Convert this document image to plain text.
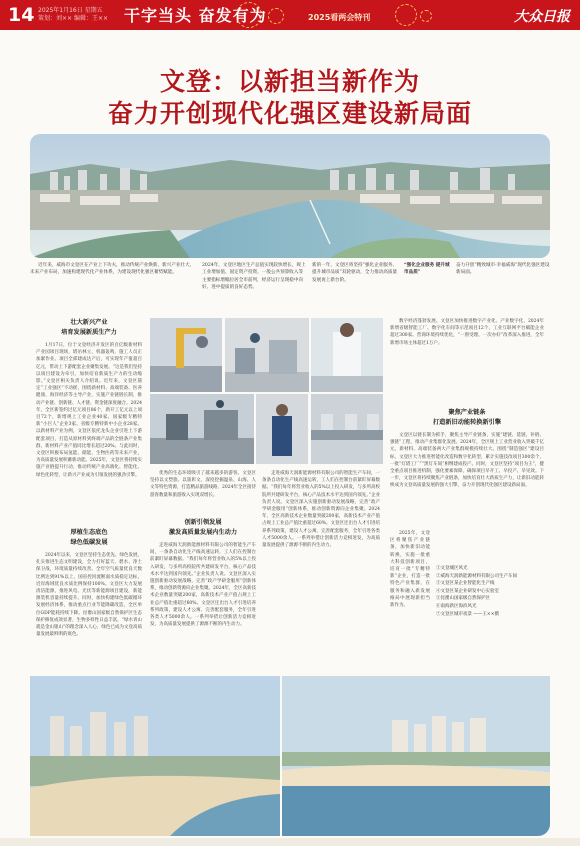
14 2025年1月16日 星期五
策划：刘×× 编辑：王×× 干字当头 奋发有为	2025看两会特刊	大众日报
文登：以新担当新作为
奋力开创现代化强区建设新局面
近年来，威海市文登区在产业上下功夫，推动传统产业焕新、新兴产业壮大、未来产业布局，加速构建现代化产业体系，为建设现代化强区蓄势赋能。
2024年，文登区地区生产总值实现较快增长，规上工业增加值、固定资产投资、一般公共预算收入等主要指标增幅位居全市前列，经济运行呈现稳中向好、进中提质的良好态势。
新的一年，文登区将坚持“强化企业服务、提升城市品质”双轮驱动，全力推动高质量发展再上新台阶。
“强化企业服务 提升城市品质”
奋力开创“精致城市·幸福威海”现代化强区建设新局面。
壮大新兴产业
培育发展新质生产力
1月17日，位于文登经济开发区的百亿级新材料产业园项目现场，塔吊林立，机器轰鸣，施工人员正加紧作业。项目全部建成达产后，可实现年产值超百亿元，带动上下游配套企业聚集发展。“这是我们坚持以项目建设为牵引，加快培育新质生产力的生动缩影。”文登区相关负责人介绍说。近年来，文登区锚定“工业强区”不动摇，围绕新材料、高端装备、医养健康、海洋经济等主导产业，实施产业链链长制，推动产业链、创新链、人才链、资金链深度融合。2024年，全区新签约过亿元项目86个，新开工亿元以上项目72个，新增规上工业企业40家、国家级专精特新“小巨人”企业3家、省级专精特新中小企业28家。以新材料产业为例，文登区依托龙头企业引进上下游配套项目，打造从原材料到终端产品的全链条产业集群，新材料产业产值同比增长超过20%。与此同时，文登区积极布局氢能、储能、生物医药等未来产业，为高质量发展积蓄新动能。2025年，文登区将持续实施产业链提升行动，推动传统产业高端化、智能化、绿色化转型，让新兴产业成为引领发展的强劲引擎。
厚植生态底色
绿色低碳发展
2024年以来，文登区坚持生态优先、绿色发展，扎实推进生态文明建设，全力打好蓝天、碧水、净土保卫战，环境质量持续改善。全年空气质量优良天数比例达到91%以上，国省控河流断面水质稳定达标，近岸海域优良水质比例保持100%。文登区大力发展清洁能源，推进风电、光伏等新能源项目建设，新能源装机容量持续提升。同时，加快构建绿色低碳循环发展经济体系，推动重点行业节能降碳改造，全区单位GDP能耗持续下降。昆嵛山国家级自然保护区生态保护修复成效显著，生物多样性日益丰富，“绿水青山就是金山银山”的理念深入人心，绿色已成为文登高质量发展最鲜明的底色。
优秀的生态环境吸引了越来越多的游客。文登区坚持以文塑旅、以旅彰文，深度挖掘温泉、山海、人文等特色资源，打造精品旅游线路，2024年全区接待游客数量和旅游收入实现双增长。
创新引领发展
激发高质量发展内生动力
走进威海天润新能源材料有限公司的智能生产车间，一条条自动化生产线高速运转，工人们在控制台前紧盯屏幕数据。“我们每年将营业收入的5%以上投入研发，与多所高校院所共建研发平台，核心产品技术水平达到国内领先。”企业负责人说。文登区深入实施创新驱动发展战略，完善“政产学研金服用”创新体系，推动创新资源向企业集聚。2024年，全区高新技术企业数量突破200家，高新技术产业产值占规上工业总产值比重超过60%。文登区还出台人才引进培养系列政策，建设人才公寓、完善配套服务，全年引进各类人才5000余人。一系列举措让创新活力竞相迸发，为高质量发展提供了源源不断的内生动力。
走进威海天润新能源材料有限公司的智能生产车间，一条条自动化生产线高速运转，工人们在控制台前紧盯屏幕数据。“我们每年将营业收入的5%以上投入研发，与多所高校院所共建研发平台，核心产品技术水平达到国内领先。”企业负责人说。文登区深入实施创新驱动发展战略，完善“政产学研金服用”创新体系，推动创新资源向企业集聚。2024年，全区高新技术企业数量突破200家，高新技术产业产值占规上工业总产值比重超过60%。文登区还出台人才引进培养系列政策，建设人才公寓、完善配套服务，全年引进各类人才5000余人。一系列举措让创新活力竞相迸发，为高质量发展提供了源源不断的内生动力。
数字经济蓬勃发展。文登区加快推进数字产业化、产业数字化，2024年新增省级智能工厂、数字化车间等示范项目12个，工业互联网平台赋能企业超过300家。营商环境持续优化，“一窗受理、一次办好”改革深入推进，全年新增市场主体超过1万户。
聚焦产业链条
打造新旧动能转换新引擎
文登区以链长制为抓手，聚焦主导产业链条，实施“建链、延链、补链、强链”工程，推动产业集群化发展。2024年，全区规上工业营业收入突破千亿元，新材料、高端装备两大产业集群规模持续壮大。围绕“制造强区”建设目标，文登区大力推进智能化改造和数字化转型，累计实施技改项目300余个，一批“灯塔工厂”“黑灯车间”相继建成投产。同时，文登区坚持“项目为王”，健全重点项目推进机制，强化要素保障，确保项目早开工、早投产、早见效。下一步，文登区将持续聚焦产业链条，加快培育壮大新质生产力，让新旧动能转换成为文登高质量发展的强大引擎，奋力开创现代化强区建设新局面。
2025年，文登区将聚焦产业链条，加快新旧动能转换，实施一批重大科技创新项目，培育一批“专精特新”企业，打造一批特色产业集群，在服务和融入新发展格局中展现新担当新作为。
①文登城区风光
②威海天润新能源材料有限公司生产车间
③文登区某企业智能化生产线
④文登区某企业研发中心实验室
⑤昆嵛山国家级自然保护区
⑥南海新区海滨风光
⑦文登区城市夜景 ——王××摄
